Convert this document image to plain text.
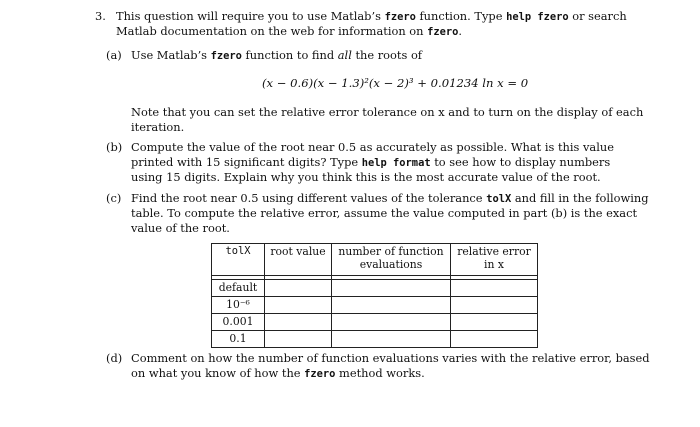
3. This question will require you to use Matlab’s fzero function. Type help fzero or search
Matlab documentation on the web for information on fzero.
(a) Use Matlab’s fzero function to find all the roots of
(x − 0.6)(x − 1.3)²(x − 2)³ + 0.01234 ln x = 0
Note that you can set the relative error tolerance on x and to turn on the display of each
iteration.
(b) Compute the value of the root near 0.5 as accurately as possible. What is this value
printed with 15 significant digits? Type help format to see how to display numbers
using 15 digits. Explain why you think this is the most accurate value of the root.
(c) Find the root near 0.5 using different values of the tolerance tolX and fill in the following
table. To compute the relative error, assume the value computed in part (b) is the exact
value of the root.
tolX	root value	number of function evaluations	relative error in x

default			
10⁻⁶			
0.001			
0.1			
(d) Comment on how the number of function evaluations varies with the relative error, based
on what you know of how the fzero method works.
